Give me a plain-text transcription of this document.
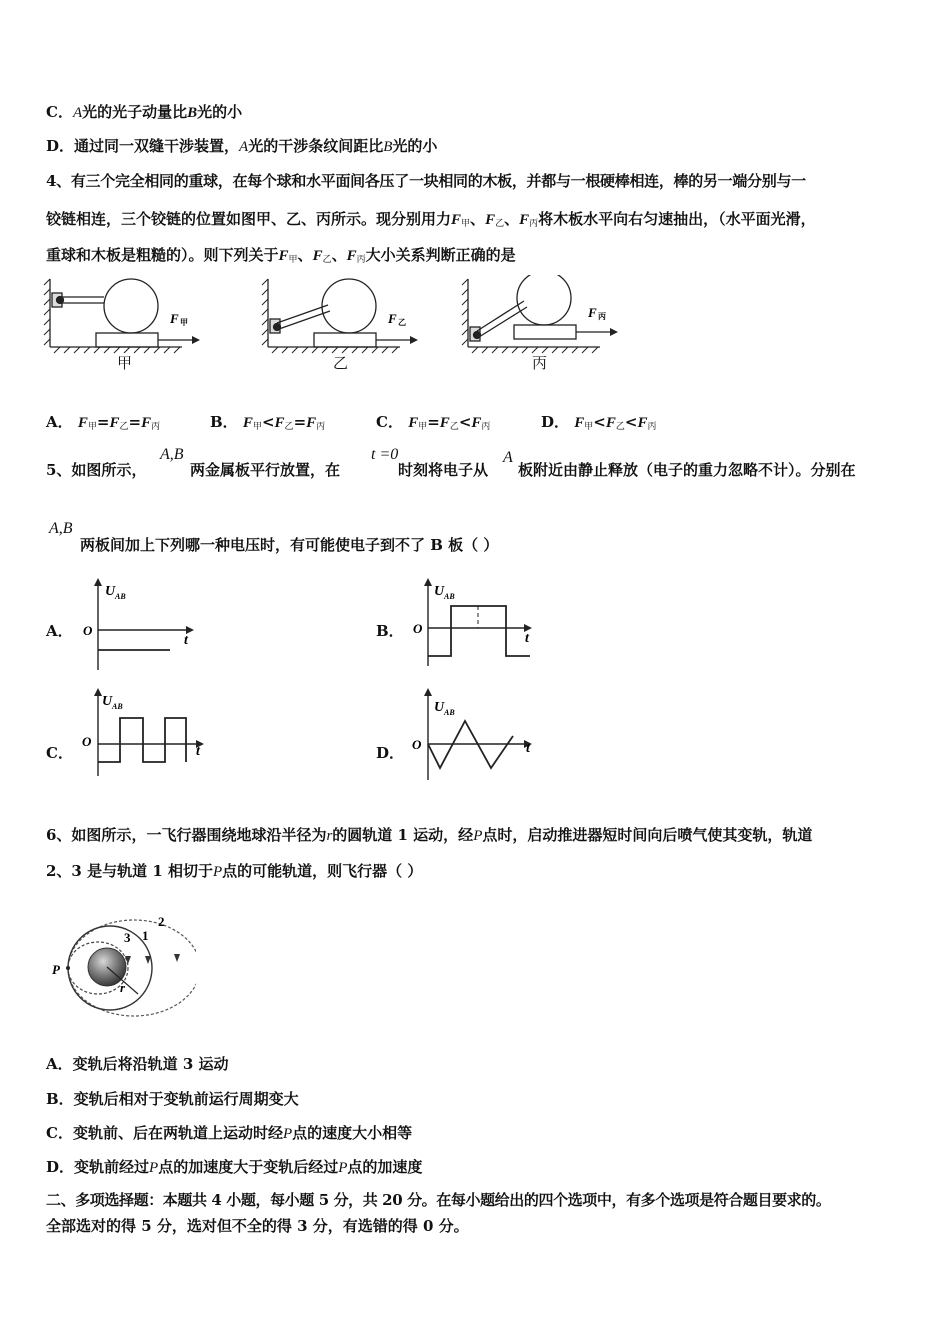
C．A光的光子动量比B光的小
D．通过同一双缝干涉装置，A光的干涉条纹间距比B光的小
4、有三个完全相同的重球，在每个球和水平面间各压了一块相同的木板，并都与一根硬棒相连，棒的另一端分别与一
铰链相连，三个铰链的位置如图甲、乙、丙所示。现分别用力$F_甲$、$F_乙$、$F_丙$将木板水平向右匀速抽出，（水平面光滑，
重球和木板是粗糙的）。则下列关于$F_甲$、$F_乙$、$F_丙$大小关系判断正确的是
F 甲
甲
F 乙
乙
F 丙
丙
A． $F_甲=F_乙=F_丙$	B． $F_甲<F_乙=F_丙$	C． $F_甲=F_乙<F_丙$	D． $F_甲<F_乙<F_丙$
5、如图所示，
A,B
两金属板平行放置，在
t =0
时刻将电子从
A
板附近由静止释放（电子的重力忽略不计）。分别在
A,B
两板间加上下列哪一种电压时，有可能使电子到不了 B 板（ ）
A．	B．
C．	D．
U AB
O
t
U AB
O
t
U AB
O
t
U AB
O	t
6、如图所示，一飞行器围绕地球沿半径为r的圆轨道 1 运动，经P点时，启动推进器短时间向后喷气使其变轨，轨道
2、3 是与轨道 1 相切于P点的可能轨道，则飞行器（ ）
P
r
1
2
3
A．变轨后将沿轨道 3 运动
B．变轨后相对于变轨前运行周期变大
C．变轨前、后在两轨道上运动时经P点的速度大小相等
D．变轨前经过P点的加速度大于变轨后经过P点的加速度
二、多项选择题：本题共 4 小题，每小题 5 分，共 20 分。在每小题给出的四个选项中，有多个选项是符合题目要求的。
全部选对的得 5 分，选对但不全的得 3 分，有选错的得 0 分。
